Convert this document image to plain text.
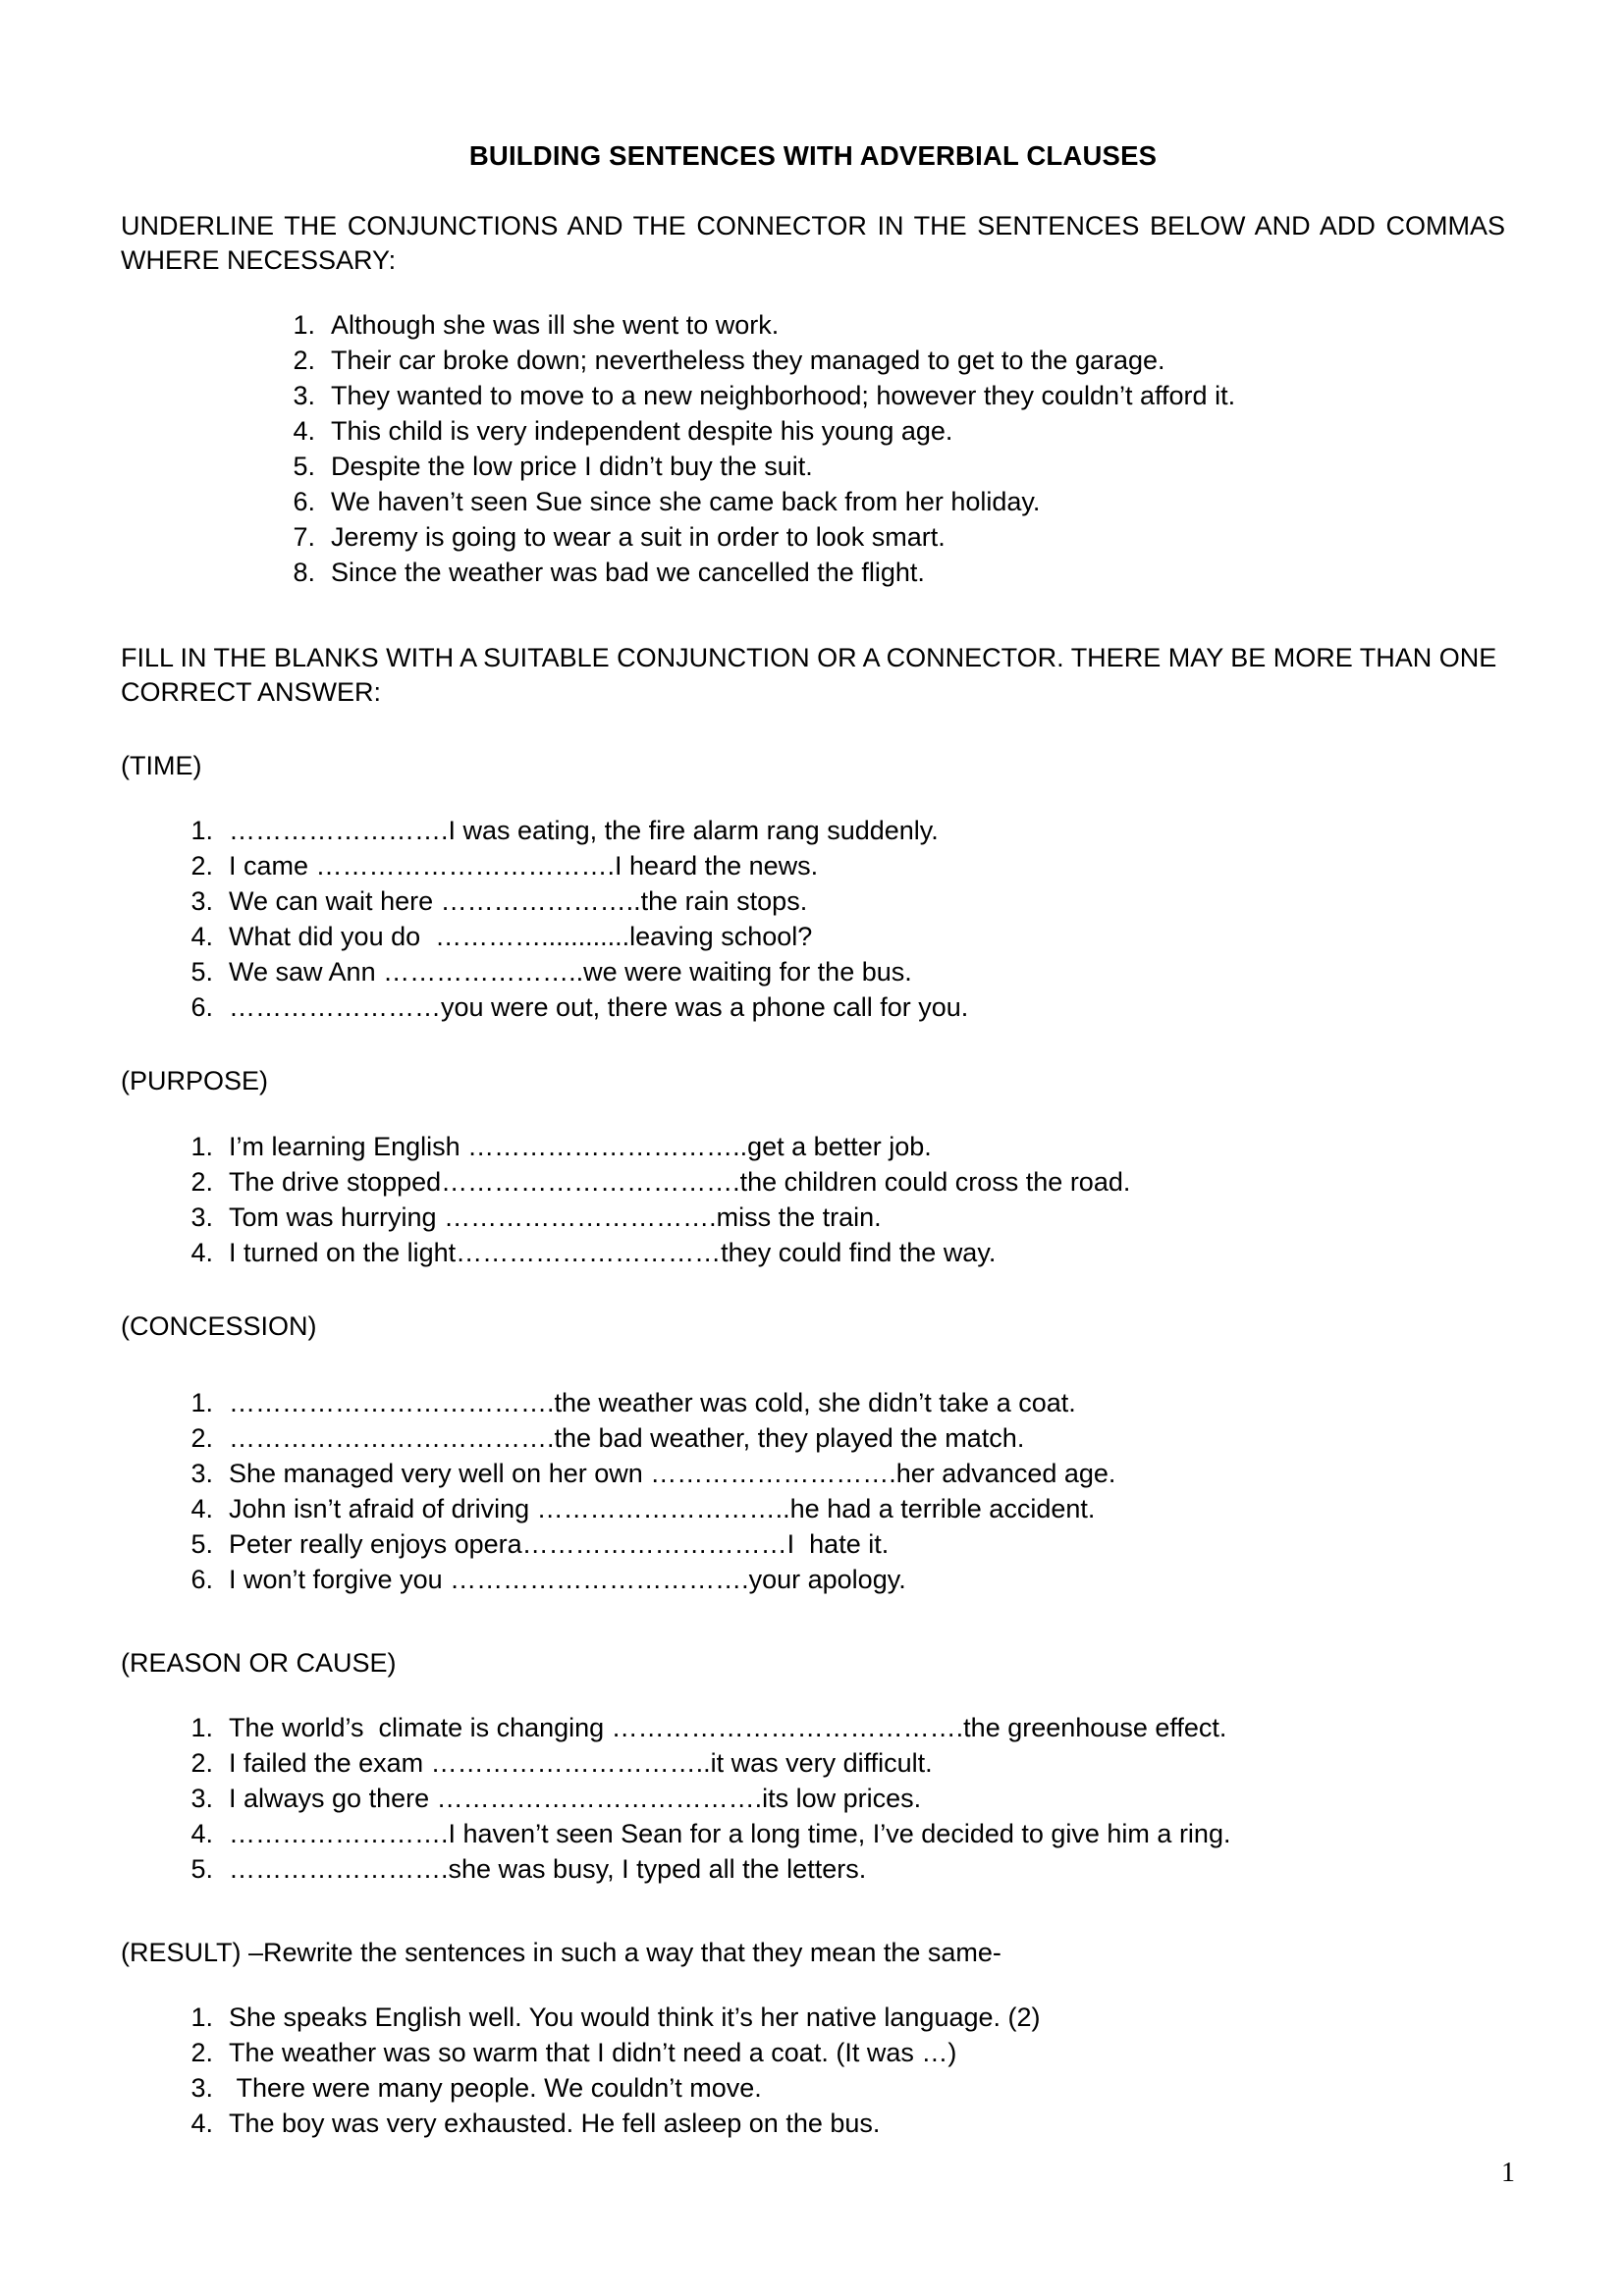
BUILDING SENTENCES WITH ADVERBIAL CLAUSES

UNDERLINE THE CONJUNCTIONS AND THE CONNECTOR IN THE SENTENCES BELOW AND ADD COMMAS WHERE NECESSARY:

1. Although she was ill she went to work.
2. Their car broke down; nevertheless they managed to get to the garage.
3. They wanted to move to a new neighborhood; however they couldn’t afford it.
4. This child is very independent despite his young age.
5. Despite the low price I didn’t buy the suit.
6. We haven’t seen Sue since she came back from her holiday.
7. Jeremy is going to wear a suit in order to look smart.
8. Since the weather was bad we cancelled the flight.

FILL IN THE BLANKS WITH A SUITABLE CONJUNCTION OR A CONNECTOR. THERE MAY BE MORE THAN ONE CORRECT ANSWER:

(TIME)

1. …………………….I was eating, the fire alarm rang suddenly.
2. I came …………………………….I heard the news.
3. We can wait here …………………..the rain stops.
4. What did you do  …………............leaving school?
5. We saw Ann …………………..we were waiting for the bus.
6. ……………………you were out, there was a phone call for you.

(PURPOSE)

1. I’m learning English …………………………..get a better job.
2. The drive stopped…………………………….the children could cross the road.
3. Tom was hurrying ………………………….miss the train.
4. I turned on the light…………………………they could find the way.

(CONCESSION)

1. ……………………………….the weather was cold, she didn’t take a coat.
2. ……………………………….the bad weather, they played the match.
3. She managed very well on her own ……………………….her advanced age.
4. John isn’t afraid of driving ………………………..he had a terrible accident.
5. Peter really enjoys opera…………………………I  hate it.
6. I won’t forgive you …………………………….your apology.

(REASON OR CAUSE)

1. The world’s  climate is changing ………………………………….the greenhouse effect.
2. I failed the exam …………………………..it was very difficult.
3. I always go there ……………………………….its low prices.
4. …………………….I haven’t seen Sean for a long time, I’ve decided to give him a ring.
5. …………………….she was busy, I typed all the letters.

(RESULT) –Rewrite the sentences in such a way that they mean the same-

1. She speaks English well. You would think it’s her native language. (2)
2. The weather was so warm that I didn’t need a coat. (It was …)
3. There were many people. We couldn’t move.
4. The boy was very exhausted. He fell asleep on the bus.
1
